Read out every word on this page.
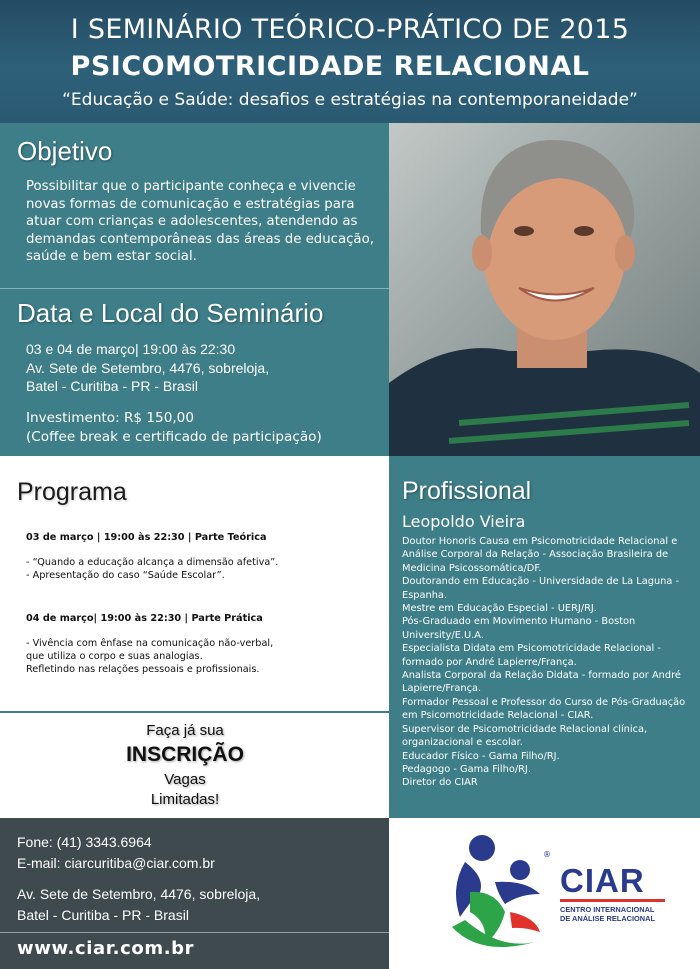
I SEMINÁRIO TEÓRICO-PRÁTICO DE 2015
PSICOMOTRICIDADE RELACIONAL
“Educação e Saúde: desafios e estratégias na contemporaneidade”
Objetivo
Possibilitar que o participante conheça e vivencie
novas formas de comunicação e estratégias para
atuar com crianças e adolescentes, atendendo as
demandas contemporâneas das áreas de educação,
saúde e bem estar social.
Data e Local do Seminário
03 e 04 de março| 19:00 às 22:30
Av. Sete de Setembro, 4476, sobreloja,
Batel - Curitiba - PR - Brasil
Investimento: R$ 150,00
(Coffee break e certificado de participação)
Programa
03 de março | 19:00 às 22:30 | Parte Teórica
- “Quando a educação alcança a dimensão afetiva”.
- Apresentação do caso “Saúde Escolar”.
04 de março| 19:00 às 22:30 | Parte Prática
- Vivência com ênfase na comunicação não-verbal,
que utiliza o corpo e suas analogias.
Refletindo nas relações pessoais e profissionais.
Faça já sua
INSCRIÇÃO
Vagas
Limitadas!
Profissional
Leopoldo Vieira
Doutor Honoris Causa em Psicomotricidade Relacional e
Análise Corporal da Relação - Associação Brasileira de
Medicina Psicossomática/DF.
Doutorando em Educação - Universidade de La Laguna -
Espanha.
Mestre em Educação Especial - UERJ/RJ.
Pós-Graduado em Movimento Humano - Boston
University/E.U.A.
Especialista Didata em Psicomotricidade Relacional -
formado por André Lapierre/França.
Analista Corporal da Relação Didata - formado por André
Lapierre/França.
Formador Pessoal e Professor do Curso de Pós-Graduação
em Psicomotricidade Relacional - CIAR.
Supervisor de Psicomotricidade Relacional clínica,
organizacional e escolar.
Educador Físico - Gama Filho/RJ.
Pedagogo - Gama Filho/RJ.
Diretor do CIAR
Fone: (41) 3343.6964
E-mail: ciarcuritiba@ciar.com.br
Av. Sete de Setembro, 4476, sobreloja,
Batel - Curitiba - PR - Brasil
www.ciar.com.br
®
CIAR
CENTRO INTERNACIONAL
DE ANÁLISE RELACIONAL
